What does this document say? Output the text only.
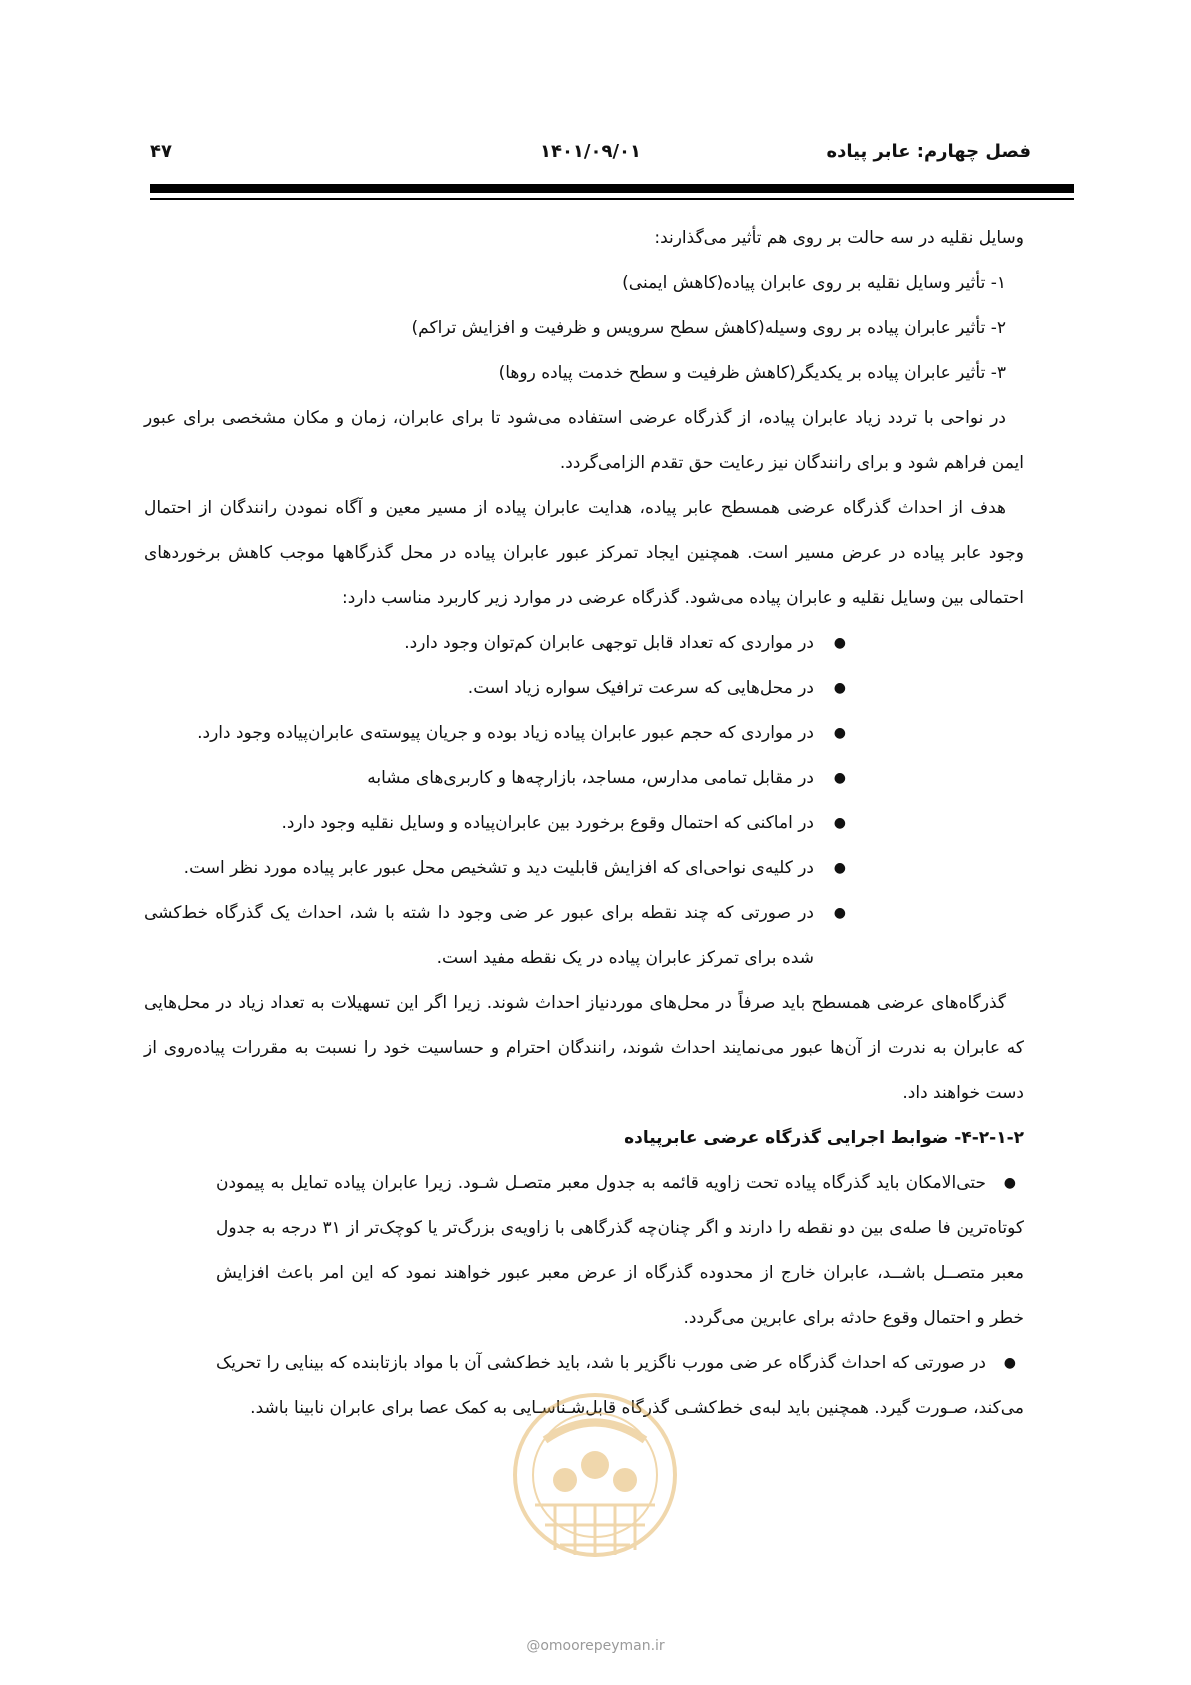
فصل چهارم: عابر پیاده
۱۴۰۱/۰۹/۰۱
۴۷

وسایل نقلیه در سه حالت بر روی هم تأثیر می‌گذارند:

۱- تأثیر وسایل نقلیه بر روی عابران پیاده(کاهش ایمنی)

۲- تأثیر عابران پیاده بر روی وسیله(کاهش سطح سرویس و ظرفیت و افزایش تراکم)

۳- تأثیر عابران پیاده بر یکدیگر(کاهش ظرفیت و سطح خدمت پیاده روها)

در نواحی با تردد زیاد عابران پیاده، از گذرگاه عرضی استفاده می‌شود تا برای عابران، زمان و مکان مشخصی برای عبور ایمن فراهم شود و برای رانندگان نیز رعایت حق تقدم الزامی‌گردد.

هدف از احداث گذرگاه عرضی همسطح عابر پیاده، هدایت عابران پیاده از مسیر معین و آگاه نمودن رانندگان از احتمال وجود عابر پیاده در عرض مسیر است. همچنین ایجاد تمرکز عبور عابران پیاده در محل گذرگاهها موجب کاهش برخوردهای احتمالی بین وسایل نقلیه و عابران پیاده می‌شود. گذرگاه عرضی در موارد زیر کاربرد مناسب دارد:

●
در مواردی که تعداد قابل توجهی عابران کم‌توان وجود دارد.
●
در محل‌هایی که سرعت ترافیک سواره زیاد است.
●
در مواردی که حجم عبور عابران پیاده زیاد بوده و جریان پیوسته‌ی عابران‌پیاده وجود دارد.
●
در مقابل تمامی مدارس، مساجد، بازارچه‌ها و کاربری‌های مشابه
●
در اماکنی که احتمال وقوع برخورد بین عابران‌پیاده و وسایل نقلیه وجود دارد.
●
در کلیه‌ی نواحی‌ای که افزایش قابلیت دید و تشخیص محل عبور عابر پیاده مورد نظر است.
●
در صورتی که چند نقطه برای عبور عر ضی وجود دا شته با شد، احداث یک گذرگاه خط‌کشی شده برای تمرکز عابران پیاده در یک نقطه مفید است.

گذرگاه‌های عرضی همسطح باید صرفاً در محل‌های موردنیاز احداث شوند. زیرا اگر این تسهیلات به تعداد زیاد در محل‌هایی که عابران به ندرت از آن‌ها عبور می‌نمایند احداث شوند، رانندگان احترام و حساسیت خود را نسبت به مقررات پیاده‌روی از دست خواهند داد.

۴-۲-۱-۲- ضوابط اجرایی گذرگاه عرضی عابرپیاده

●
حتی‌الامکان باید گذرگاه پیاده تحت زاویه قائمه به جدول معبر متصـل شـود. زیرا عابران پیاده تمایل به پیمودن کوتاه‌ترین فا صله‌ی بین دو نقطه را دارند و اگر چنان‌چه گذرگاهی با زاویه‌ی بزرگ‌تر یا کوچک‌تر از ۳۱ درجه به جدول معبر متصــل باشــد، عابران خارج از محدوده گذرگاه از عرض معبر عبور خواهند نمود که این امر باعث افزایش خطر و احتمال وقوع حادثه برای عابرین می‌گردد.
●
در صورتی که احداث گذرگاه عر ضی مورب ناگزیر با شد، باید خط‌کشی آن با مواد بازتابنده که بینایی را تحریک می‌کند، صـورت گیرد. همچنین باید لبه‌ی خط‌کشـی گذرگاه قابل‌شـناسـایی به کمک عصا برای عابران نابینا باشد.
@omoorepeyman.ir
